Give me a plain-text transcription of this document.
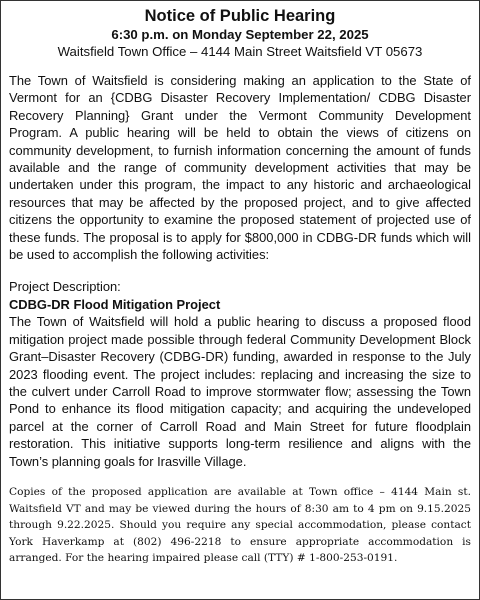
Notice of Public Hearing
6:30 p.m. on Monday September 22, 2025
Waitsfield Town Office – 4144 Main Street Waitsfield VT 05673

The Town of Waitsfield is considering making an application to the State of Vermont for an {CDBG Disaster Recovery Implementation/ CDBG Disaster Recovery Planning} Grant under the Vermont Community Development Program. A public hearing will be held to obtain the views of citizens on community development, to furnish information concerning the amount of funds available and the range of community development activities that may be undertaken under this program, the impact to any historic and archaeological resources that may be affected by the proposed project, and to give affected citizens the opportunity to examine the proposed statement of projected use of these funds. The proposal is to apply for $800,000 in CDBG-DR funds which will be used to accomplish the following activities:

Project Description:
CDBG-DR Flood Mitigation Project

The Town of Waitsfield will hold a public hearing to discuss a proposed flood mitigation project made possible through federal Community Development Block Grant–Disaster Recovery (CDBG-DR) funding, awarded in response to the July 2023 flooding event. The project includes: replacing and increasing the size to the culvert under Carroll Road to improve stormwater flow; assessing the Town Pond to enhance its flood mitigation capacity; and acquiring the undeveloped parcel at the corner of Carroll Road and Main Street for future floodplain restoration. This initiative supports long-term resilience and aligns with the Town’s planning goals for Irasville Village.

Copies of the proposed application are available at Town office – 4144 Main st. Waitsfield VT and may be viewed during the hours of 8:30 am to 4 pm on 9.15.2025 through 9.22.2025. Should you require any special accommodation, please contact York Haverkamp at (802) 496-2218 to ensure appropriate accommodation is arranged. For the hearing impaired please call (TTY) # 1-800-253-0191.
